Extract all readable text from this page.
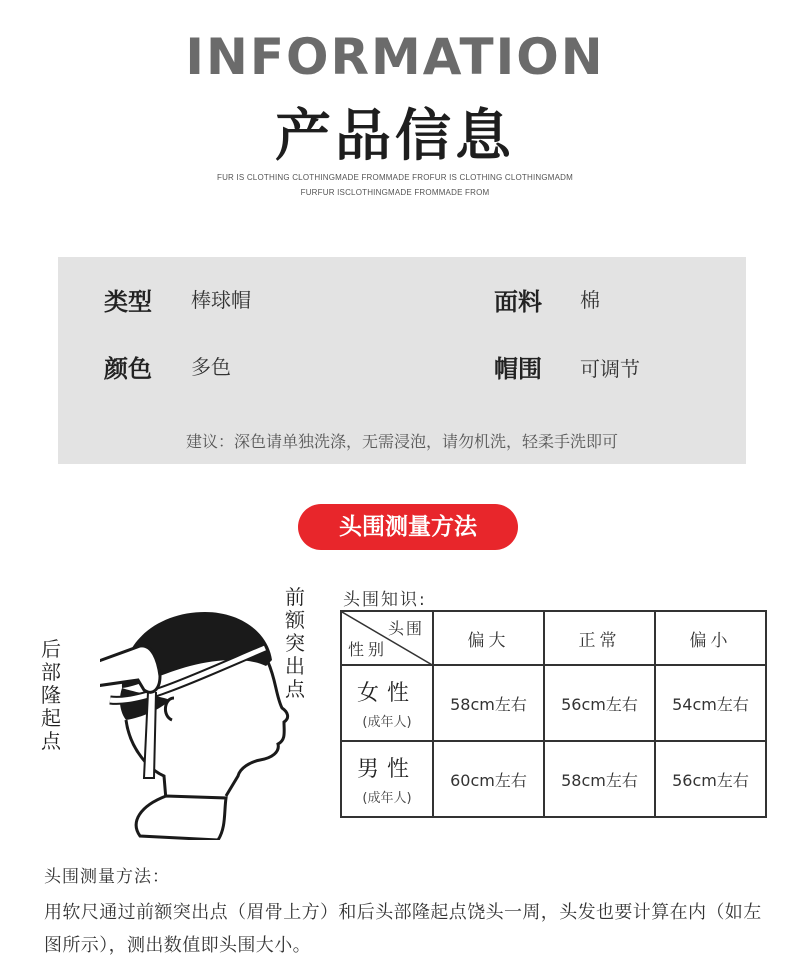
INFORMATION
产品信息
FUR IS CLOTHING CLOTHINGMADE FROMMADE FROFUR IS CLOTHING CLOTHINGMADM
FURFUR ISCLOTHINGMADE FROMMADE FROM
类型 棒球帽	面料 棉
颜色 多色	帽围 可调节
建议：深色请单独洗涤，无需浸泡，请勿机洗，轻柔手洗即可
头围测量方法
前额突出点
后部隆起点
头围知识:
头围
性别	偏大	正常	偏小

女性
(成年人)	58cm左右	56cm左右	54cm左右

男性
(成年人)	60cm左右	58cm左右	56cm左右
头围测量方法：
用软尺通过前额突出点（眉骨上方）和后头部隆起点饶头一周，头发也要计算在内（如左图所示），测出数值即头围大小。
